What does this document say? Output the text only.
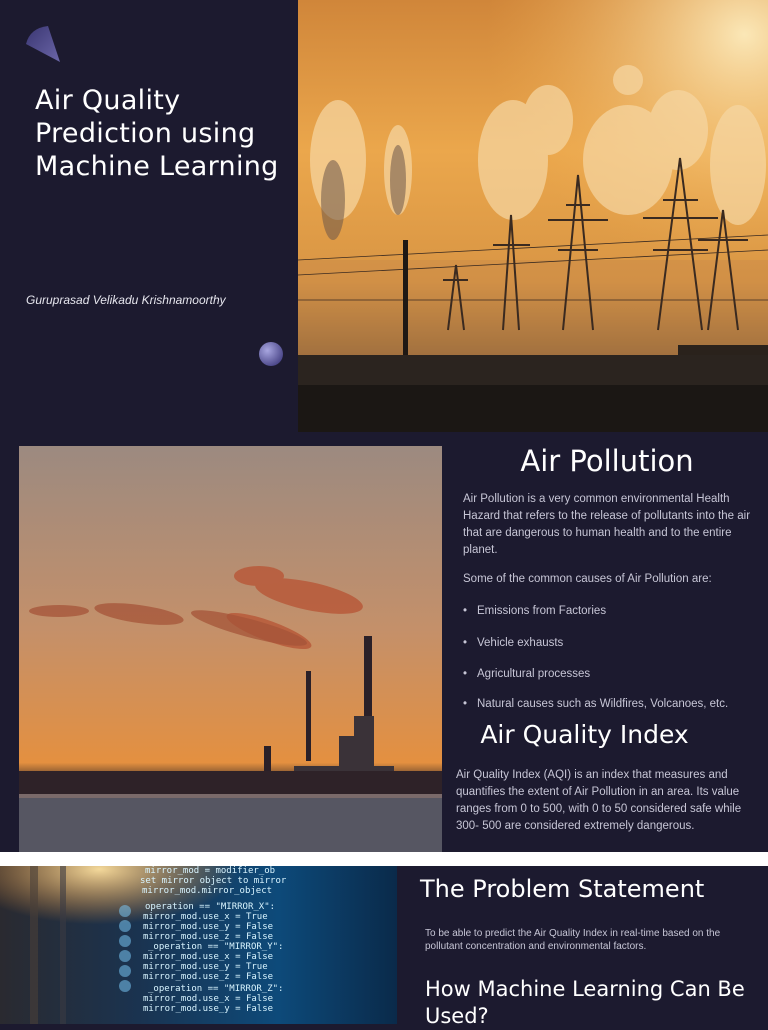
Air Quality Prediction using Machine Learning
Guruprasad Velikadu Krishnamoorthy
Air Pollution
Air Pollution is a very common environmental Health Hazard that refers to the release of pollutants into the air that are dangerous to human health and to the entire planet.
Some of the common causes of Air Pollution are:
• Emissions from Factories
• Vehicle exhausts
• Agricultural processes
• Natural causes such as Wildfires, Volcanoes, etc.
Air Quality Index
Air Quality Index (AQI) is an index that measures and quantifies the extent of Air Pollution in an area. Its value ranges from 0 to 500, with 0 to 50 considered safe while 300- 500 are considered extremely dangerous.
mirror_mod = modifier_ob
set mirror object to mirror
mirror_mod.mirror_object
operation == "MIRROR_X":
mirror_mod.use_x = True
mirror_mod.use_y = False
mirror_mod.use_z = False
_operation == "MIRROR_Y":
mirror_mod.use_x = False
mirror_mod.use_y = True
mirror_mod.use_z = False
_operation == "MIRROR_Z":
mirror_mod.use_x = False
mirror_mod.use_y = False
The Problem Statement
To be able to predict the Air Quality Index in real-time based on the pollutant concentration and environmental factors.
How Machine Learning Can Be Used?
